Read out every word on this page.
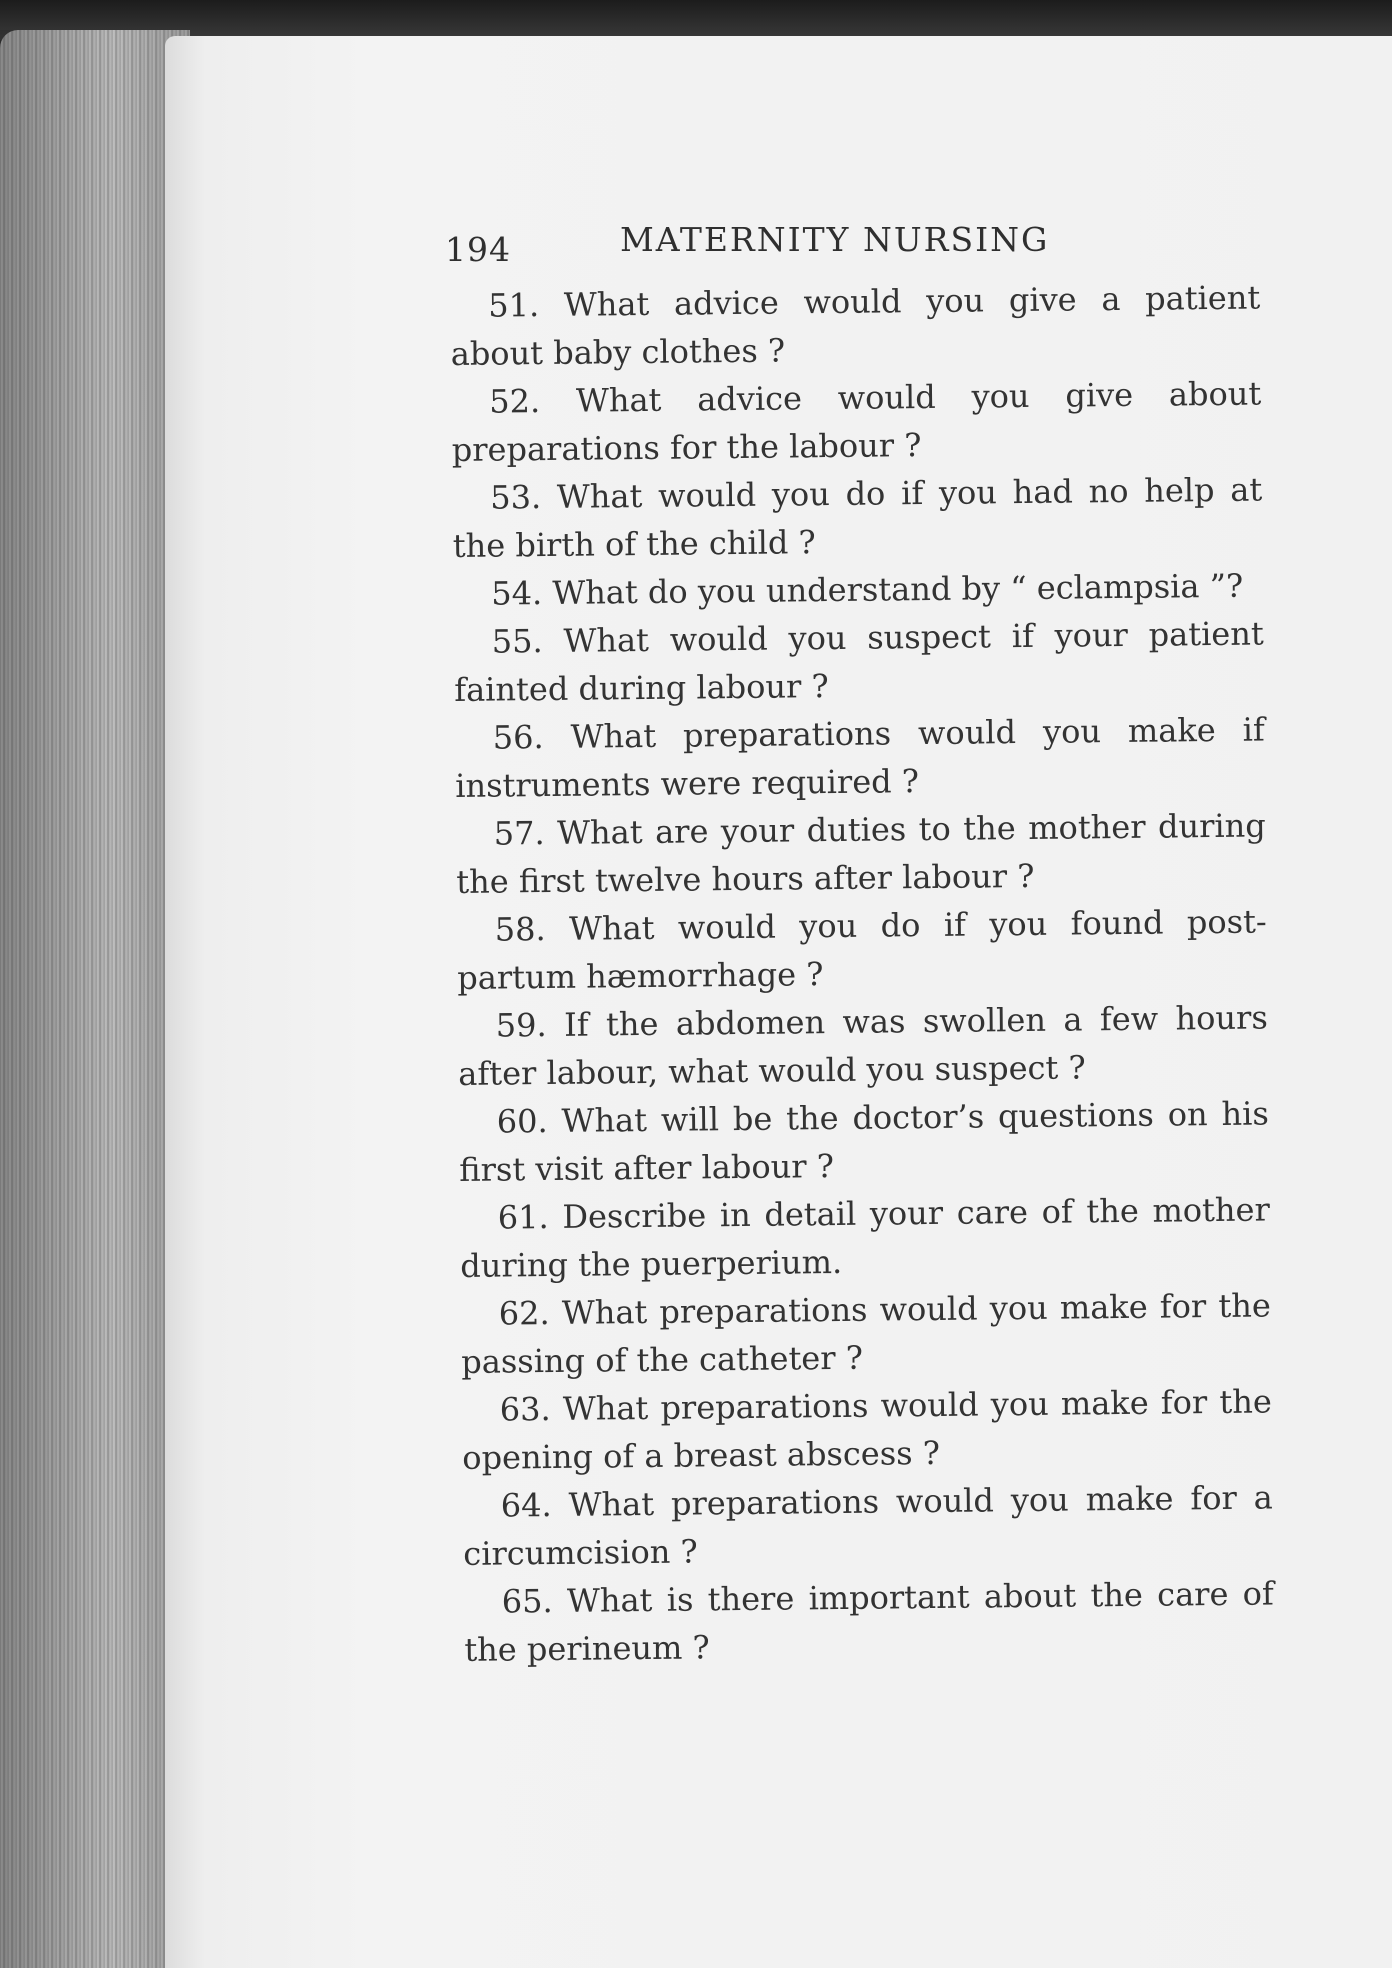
194	MATERNITY NURSING

51. What advice would you give a patient about baby clothes ?

52. What advice would you give about preparations for the labour ?

53. What would you do if you had no help at the birth of the child ?

54. What do you understand by “ eclampsia ”?

55. What would you suspect if your patient fainted during labour ?

56. What preparations would you make if instruments were required ?

57. What are your duties to the mother during the first twelve hours after labour ?

58. What would you do if you found post-partum hæmorrhage ?

59. If the abdomen was swollen a few hours after labour, what would you suspect ?

60. What will be the doctor’s questions on his first visit after labour ?

61. Describe in detail your care of the mother during the puerperium.

62. What preparations would you make for the passing of the catheter ?

63. What preparations would you make for the opening of a breast abscess ?

64. What preparations would you make for a circumcision ?

65. What is there important about the care of the perineum ?
